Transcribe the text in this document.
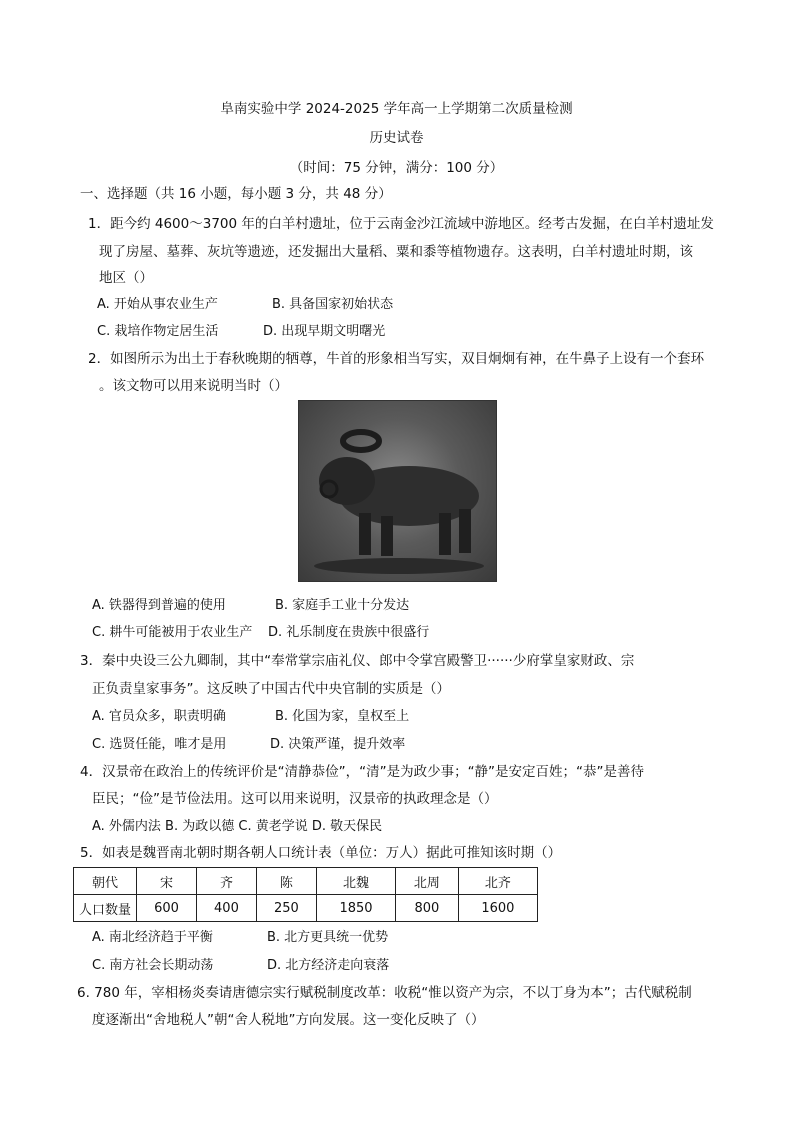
阜南实验中学 2024-2025 学年高一上学期第二次质量检测
历史试卷
（时间：75 分钟，满分：100 分）
一、选择题（共 16 小题，每小题 3 分，共 48 分）
1．距今约 4600～3700 年的白羊村遗址，位于云南金沙江流域中游地区。经考古发掘，在白羊村遗址发
现了房屋、墓葬、灰坑等遗迹，还发掘出大量稻、粟和黍等植物遗存。这表明，白羊村遗址时期，该
地区（）
A. 开始从事农业生产	B. 具备国家初始状态
C. 栽培作物定居生活	D. 出现早期文明曙光
2．如图所示为出土于春秋晚期的牺尊，牛首的形象相当写实，双目炯炯有神，在牛鼻子上设有一个套环
。该文物可以用来说明当时（）
A. 铁器得到普遍的使用	B. 家庭手工业十分发达
C. 耕牛可能被用于农业生产 D. 礼乐制度在贵族中很盛行
3．秦中央设三公九卿制，其中“奉常掌宗庙礼仪、郎中令掌宫殿警卫······少府掌皇家财政、宗
正负责皇家事务”。这反映了中国古代中央官制的实质是（）
A. 官员众多，职责明确	B. 化国为家，皇权至上
C. 选贤任能，唯才是用	D. 决策严谨，提升效率
4．汉景帝在政治上的传统评价是“清静恭俭”，“清”是为政少事；“静”是安定百姓；“恭”是善待
臣民；“俭”是节俭法用。这可以用来说明，汉景帝的执政理念是（）
A. 外儒内法 B. 为政以德 C. 黄老学说 D. 敬天保民
5．如表是魏晋南北朝时期各朝人口统计表（单位：万人）据此可推知该时期（）
朝代	宋	齐	陈	北魏	北周	北齐
人口数量	600	400	250	1850	800	1600
A. 南北经济趋于平衡	B. 北方更具统一优势
C. 南方社会长期动荡	D. 北方经济走向衰落
6. 780 年，宰相杨炎奏请唐德宗实行赋税制度改革：收税“惟以资产为宗，不以丁身为本”；古代赋税制
度逐渐出“舍地税人”朝“舍人税地”方向发展。这一变化反映了（）
